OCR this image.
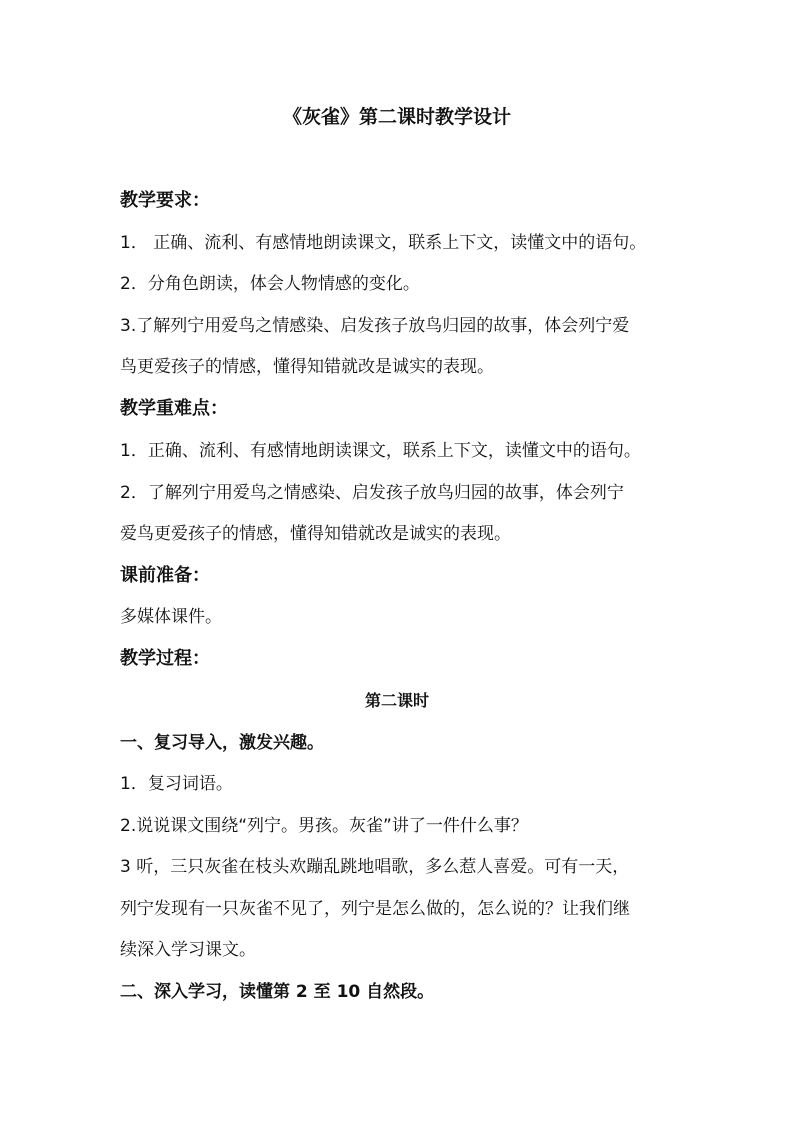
《灰雀》第二课时教学设计
教学要求：
1． 正确、流利、有感情地朗读课文，联系上下文，读懂文中的语句。
2．分角色朗读，体会人物情感的变化。
3.了解列宁用爱鸟之情感染、启发孩子放鸟归园的故事，体会列宁爱
鸟更爱孩子的情感，懂得知错就改是诚实的表现。
教学重难点：
1．正确、流利、有感情地朗读课文，联系上下文，读懂文中的语句。
2．了解列宁用爱鸟之情感染、启发孩子放鸟归园的故事，体会列宁
爱鸟更爱孩子的情感，懂得知错就改是诚实的表现。
课前准备：
多媒体课件。
教学过程：
第二课时
一、复习导入，激发兴趣。
1．复习词语。
2.说说课文围绕“列宁。男孩。灰雀”讲了一件什么事？
3 听，三只灰雀在枝头欢蹦乱跳地唱歌，多么惹人喜爱。可有一天，
列宁发现有一只灰雀不见了，列宁是怎么做的，怎么说的？让我们继
续深入学习课文。
二、深入学习，读懂第 2 至 10 自然段。
